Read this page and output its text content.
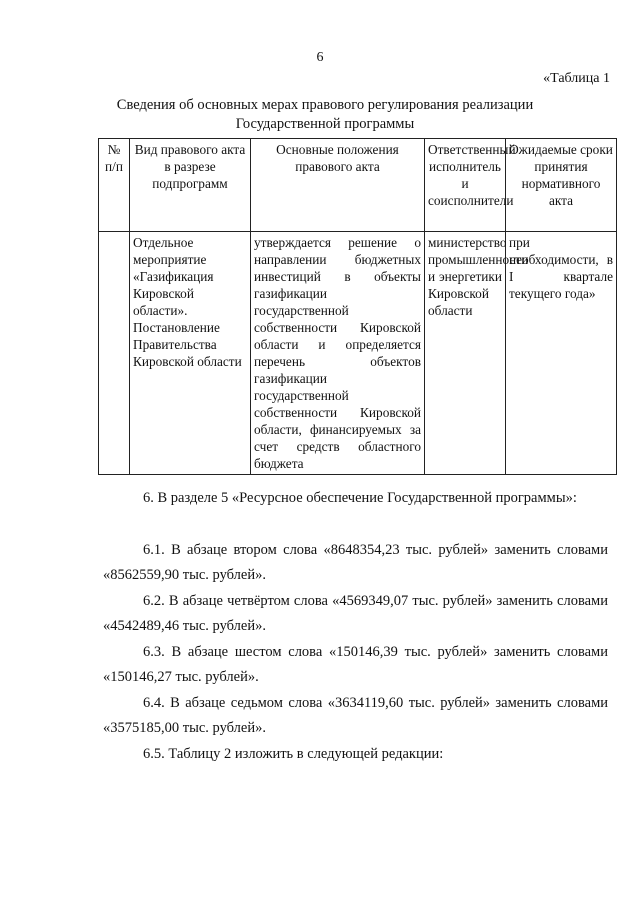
6
«Таблица 1
Сведения об основных мерах правового регулирования реализации Государственной программы
№ п/п	Вид правового акта в разрезе подпрограмм	Основные положения правового акта	Ответственный исполнитель и соисполнители	Ожидаемые сроки принятия нормативного акта
	Отдельное мероприятие «Газификация Кировской области». Постановление Правительства Кировской области	утверждается решение о направлении бюджетных инвестиций в объекты газификации государственной собственности Кировской области и определяется перечень объектов газификации государственной собственности Кировской области, финансируемых за счет средств областного бюджета	министерство промышленности и энергетики Кировской области	при необходимости, в I квартале текущего года»

6. В разделе 5 «Ресурсное обеспечение Государственной программы»:

6.1. В абзаце втором слова «8648354,23 тыс. рублей» заменить словами «8562559,90 тыс. рублей».

6.2. В абзаце четвёртом слова «4569349,07 тыс. рублей» заменить словами «4542489,46 тыс. рублей».

6.3. В абзаце шестом слова «150146,39 тыс. рублей» заменить словами «150146,27 тыс. рублей».

6.4. В абзаце седьмом слова «3634119,60 тыс. рублей» заменить словами «3575185,00 тыс. рублей».

6.5. Таблицу 2 изложить в следующей редакции:
